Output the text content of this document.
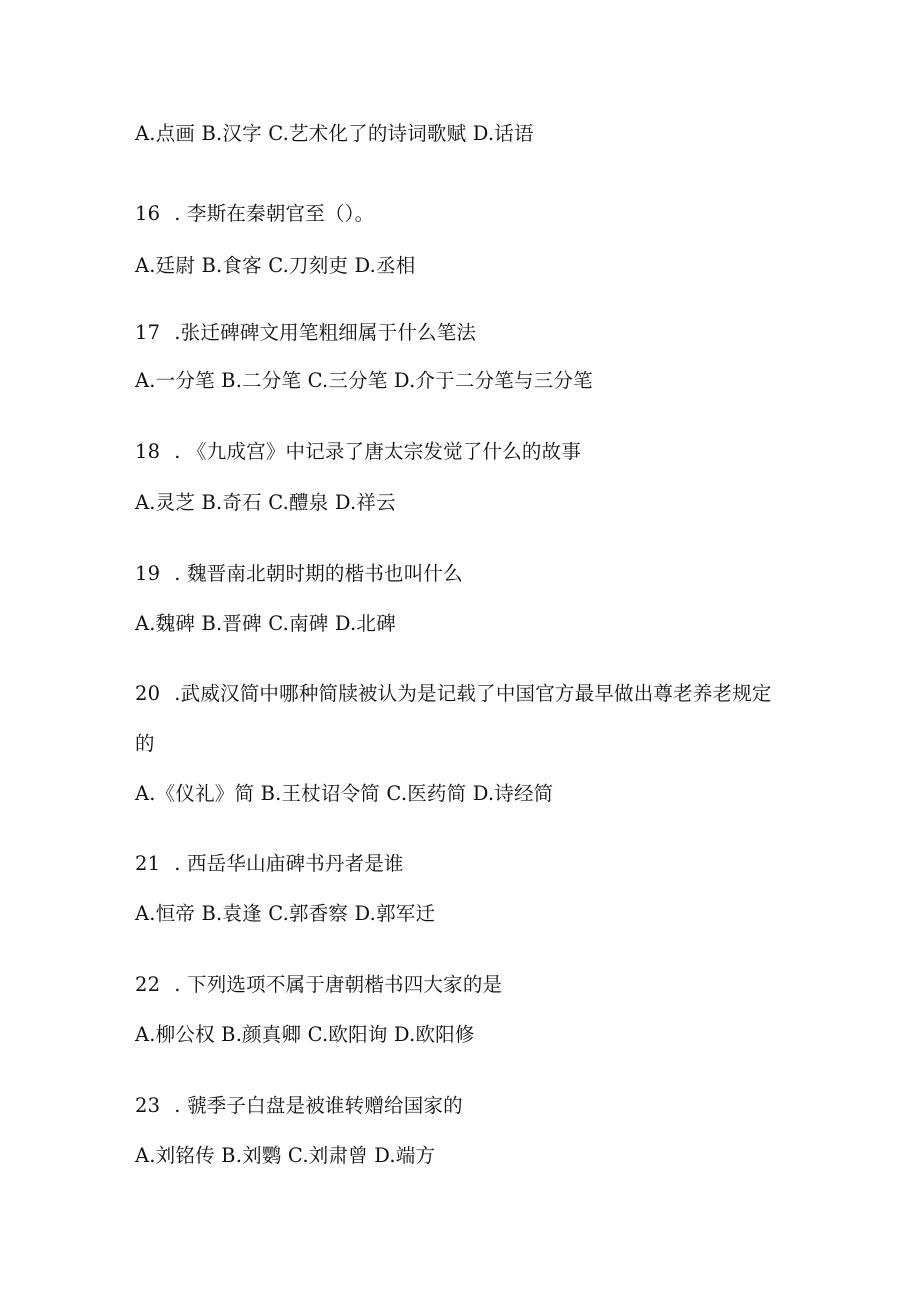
A.点画 B.汉字 C.艺术化了的诗词歌赋 D.话语
16 . 李斯在秦朝官至（）。
A.廷尉 B.食客 C.刀刻吏 D.丞相
17 .张迁碑碑文用笔粗细属于什么笔法
A.一分笔 B.二分笔 C.三分笔 D.介于二分笔与三分笔
18 . 《九成宫》中记录了唐太宗发觉了什么的故事
A.灵芝 B.奇石 C.醴泉 D.祥云
19 . 魏晋南北朝时期的楷书也叫什么
A.魏碑 B.晋碑 C.南碑 D.北碑
20 .武威汉简中哪种简牍被认为是记载了中国官方最早做出尊老养老规定
的
A.《仪礼》简 B.王杖诏令简 C.医药简 D.诗经简
21 . 西岳华山庙碑书丹者是谁
A.恒帝 B.袁逢 C.郭香察 D.郭军迁
22 . 下列选项不属于唐朝楷书四大家的是
A.柳公权 B.颜真卿 C.欧阳询 D.欧阳修
23 . 虢季子白盘是被谁转赠给国家的
A.刘铭传 B.刘鹦 C.刘肃曾 D.端方
